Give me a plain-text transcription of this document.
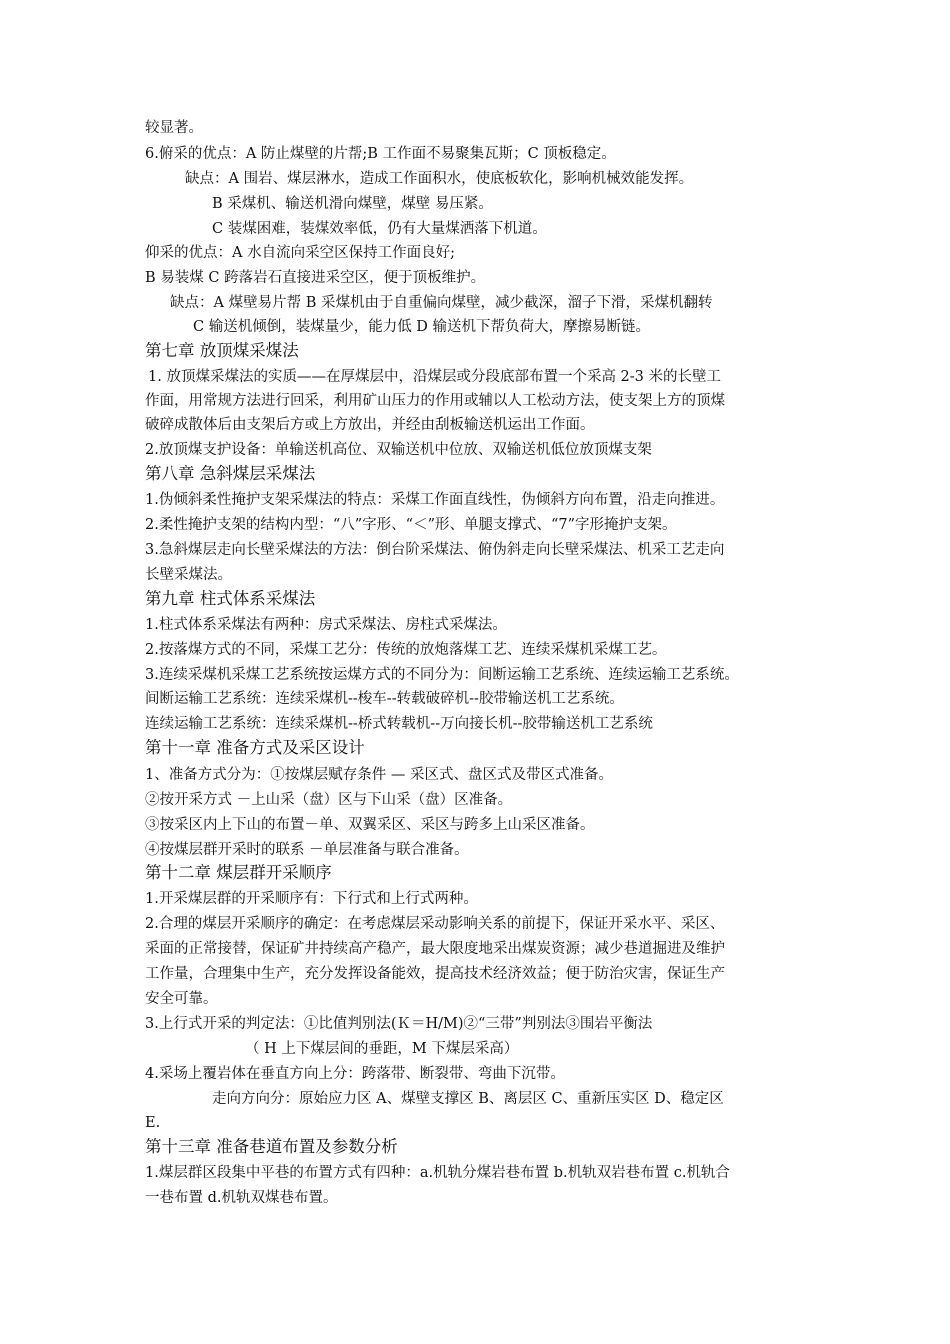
较显著。
6.俯采的优点：A 防止煤壁的片帮;B 工作面不易聚集瓦斯；C 顶板稳定。
缺点：A 围岩、煤层淋水，造成工作面积水，使底板软化，影响机械效能发挥。
B 采煤机、输送机滑向煤壁，煤壁 易压紧。
C 装煤困难，装煤效率低，仍有大量煤洒落下机道。
仰采的优点：A 水自流向采空区保持工作面良好;
B 易装煤 C 跨落岩石直接进采空区，便于顶板维护。
缺点：A 煤壁易片帮 B 采煤机由于自重偏向煤壁，减少截深，溜子下滑，采煤机翻转
C 输送机倾倒，装煤量少，能力低 D 输送机下帮负荷大，摩擦易断链。
第七章 放顶煤采煤法
1. 放顶煤采煤法的实质——在厚煤层中，沿煤层或分段底部布置一个采高 2-3 米的长壁工
作面，用常规方法进行回采，利用矿山压力的作用或辅以人工松动方法，使支架上方的顶煤
破碎成散体后由支架后方或上方放出，并经由刮板输送机运出工作面。
2.放顶煤支护设备：单输送机高位、双输送机中位放、双输送机低位放顶煤支架
第八章 急斜煤层采煤法
1.伪倾斜柔性掩护支架采煤法的特点：采煤工作面直线性，伪倾斜方向布置，沿走向推进。
2.柔性掩护支架的结构内型：“八”字形、“＜”形、单腿支撑式、“7”字形掩护支架。
3.急斜煤层走向长壁采煤法的方法：倒台阶采煤法、俯伪斜走向长壁采煤法、机采工艺走向
长壁采煤法。
第九章 柱式体系采煤法
1.柱式体系采煤法有两种：房式采煤法、房柱式采煤法。
2.按落煤方式的不同，采煤工艺分：传统的放炮落煤工艺、连续采煤机采煤工艺。
3.连续采煤机采煤工艺系统按运煤方式的不同分为：间断运输工艺系统、连续运输工艺系统。
间断运输工艺系统：连续采煤机--梭车--转载破碎机--胶带输送机工艺系统。
连续运输工艺系统：连续采煤机--桥式转载机--万向接长机--胶带输送机工艺系统
第十一章 准备方式及采区设计
1、准备方式分为：①按煤层赋存条件 — 采区式、盘区式及带区式准备。
②按开采方式 －上山采（盘）区与下山采（盘）区准备。
③按采区内上下山的布置－单、双翼采区、采区与跨多上山采区准备。
④按煤层群开采时的联系 －单层准备与联合准备。
第十二章 煤层群开采顺序
1.开采煤层群的开采顺序有：下行式和上行式两种。
2.合理的煤层开采顺序的确定：在考虑煤层采动影响关系的前提下，保证开采水平、采区、
采面的正常接替，保证矿井持续高产稳产，最大限度地采出煤炭资源；减少巷道掘进及维护
工作量，合理集中生产，充分发挥设备能效，提高技术经济效益；便于防治灾害，保证生产
安全可靠。
3.上行式开采的判定法：①比值判别法(Ｋ＝H/M)②“三带”判别法③围岩平衡法
（ H 上下煤层间的垂距，M 下煤层采高）
4.采场上覆岩体在垂直方向上分：跨落带、断裂带、弯曲下沉带。
走向方向分：原始应力区 A、煤壁支撑区 B、离层区 C、重新压实区 D、稳定区
E.
第十三章 准备巷道布置及参数分析
1.煤层群区段集中平巷的布置方式有四种：a.机轨分煤岩巷布置 b.机轨双岩巷布置 c.机轨合
一巷布置 d.机轨双煤巷布置。
